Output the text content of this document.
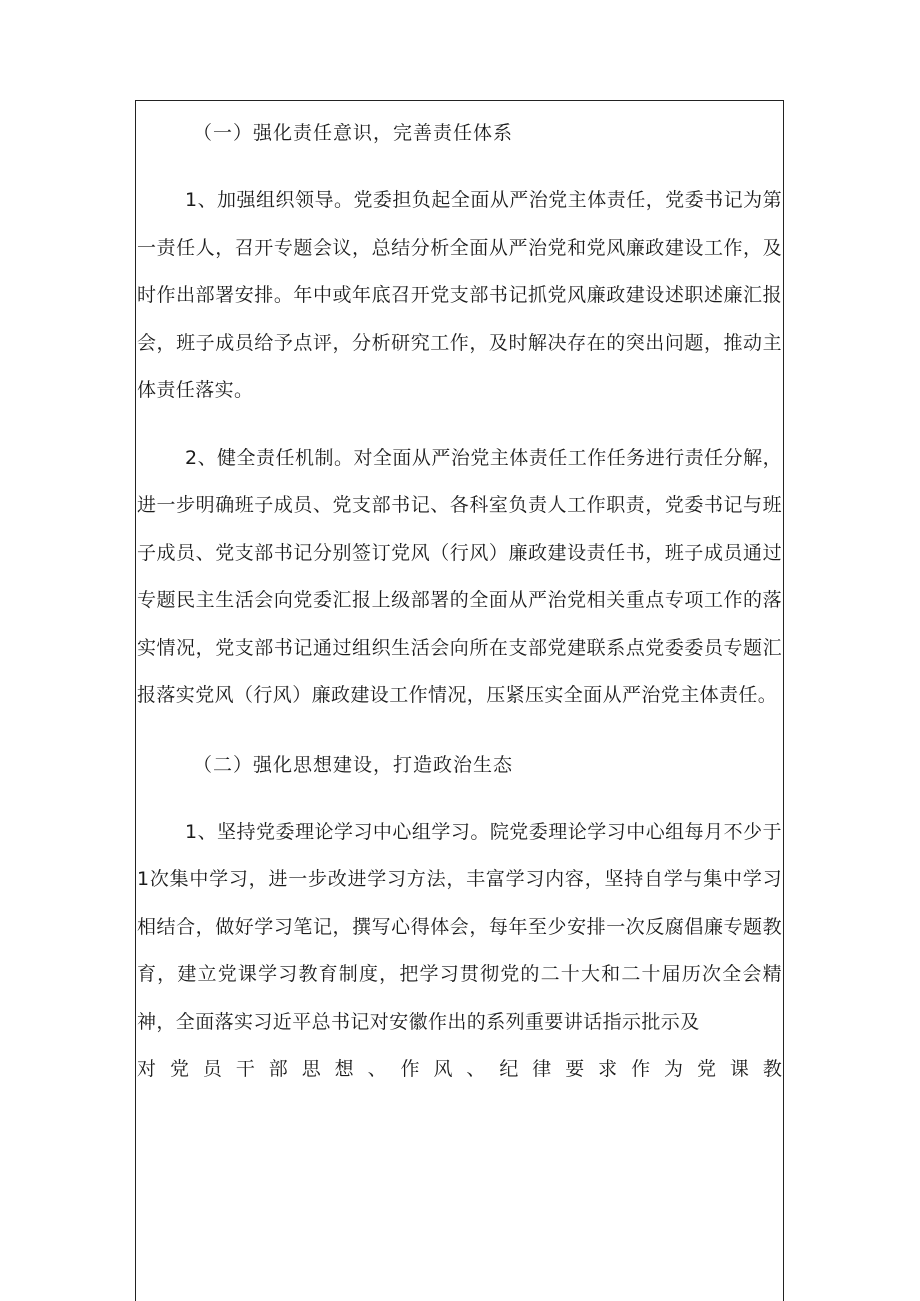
（一）强化责任意识，完善责任体系

1、加强组织领导。党委担负起全面从严治党主体责任，党委书记为第一责任人，召开专题会议，总结分析全面从严治党和党风廉政建设工作，及时作出部署安排。年中或年底召开党支部书记抓党风廉政建设述职述廉汇报会，班子成员给予点评，分析研究工作，及时解决存在的突出问题，推动主体责任落实。

2、健全责任机制。对全面从严治党主体责任工作任务进行责任分解，进一步明确班子成员、党支部书记、各科室负责人工作职责，党委书记与班子成员、党支部书记分别签订党风（行风）廉政建设责任书，班子成员通过专题民主生活会向党委汇报上级部署的全面从严治党相关重点专项工作的落实情况，党支部书记通过组织生活会向所在支部党建联系点党委委员专题汇报落实党风（行风）廉政建设工作情况，压紧压实全面从严治党主体责任。

（二）强化思想建设，打造政治生态

1、坚持党委理论学习中心组学习。院党委理论学习中心组每月不少于1次集中学习，进一步改进学习方法，丰富学习内容，坚持自学与集中学习相结合，做好学习笔记，撰写心得体会，每年至少安排一次反腐倡廉专题教育，建立党课学习教育制度，把学习贯彻党的二十大和二十届历次全会精神，全面落实习近平总书记对安徽作出的系列重要讲话指示批示及

对 党 员 干 部 思 想 、 作 风 、 纪 律 要 求 作 为 党 课 教
